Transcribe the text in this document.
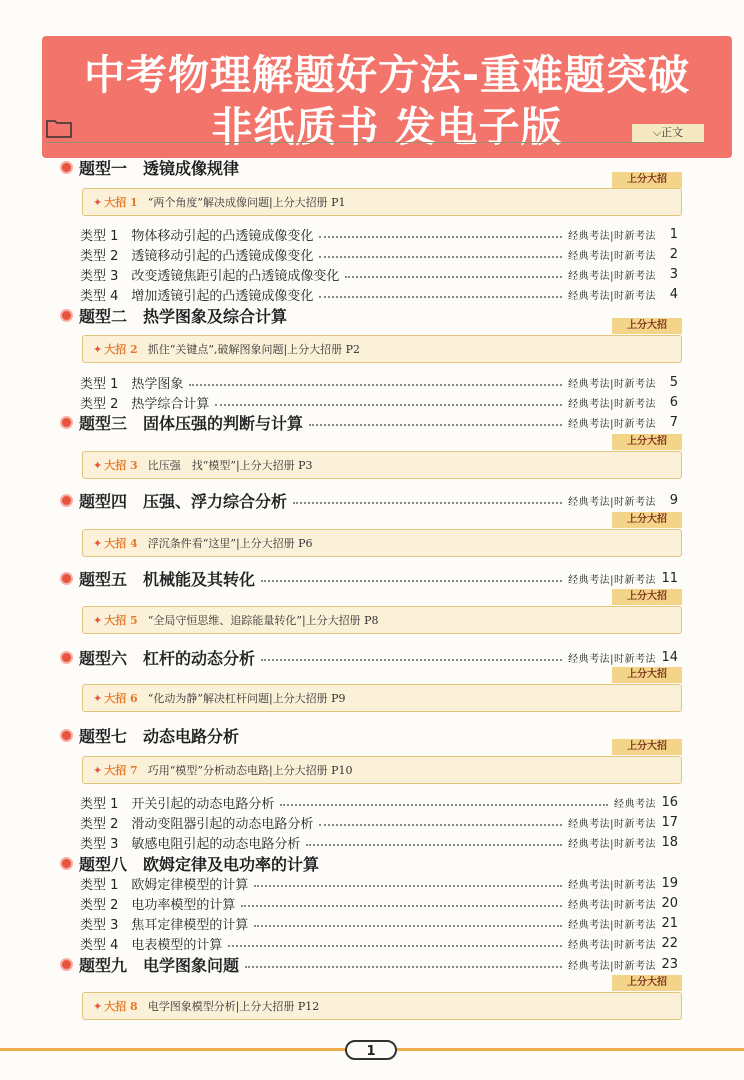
中考物理解题好方法-重难题突破
非纸质书 发电子版	⌵正文
题型一　透镜成像规律
上分大招
✦ 大招 1 “两个角度”解决成像问题|上分大招册 P1
类型 1　物体移动引起的凸透镜成像变化	经典考法|时新考法	1
类型 2　透镜移动引起的凸透镜成像变化	经典考法|时新考法	2
类型 3　改变透镜焦距引起的凸透镜成像变化	经典考法|时新考法	3
类型 4　增加透镜引起的凸透镜成像变化	经典考法|时新考法	4
题型二　热学图象及综合计算	上分大招
✦ 大招 2 抓住“关键点”,破解图象问题|上分大招册 P2
类型 1　热学图象	经典考法|时新考法	5
类型 2　热学综合计算	经典考法|时新考法	6
题型三　固体压强的判断与计算	经典考法|时新考法	7
上分大招
✦ 大招 3 比压强　找“模型”|上分大招册 P3
题型四　压强、浮力综合分析	经典考法|时新考法	9
上分大招
✦ 大招 4 浮沉条件看“这里”|上分大招册 P6
题型五　机械能及其转化	经典考法|时新考法 11
上分大招
✦ 大招 5 “全局守恒思维、追踪能量转化”|上分大招册 P8
题型六　杠杆的动态分析	经典考法|时新考法 14
上分大招
✦ 大招 6 “化动为静”解决杠杆问题|上分大招册 P9
题型七　动态电路分析
上分大招
✦ 大招 7 巧用“模型”分析动态电路|上分大招册 P10
类型 1　开关引起的动态电路分析	经典考法 16
类型 2　滑动变阻器引起的动态电路分析	经典考法|时新考法 17
类型 3　敏感电阻引起的动态电路分析	经典考法|时新考法 18
题型八　欧姆定律及电功率的计算
类型 1　欧姆定律模型的计算	经典考法|时新考法 19
类型 2　电功率模型的计算	经典考法|时新考法 20
类型 3　焦耳定律模型的计算	经典考法|时新考法 21
类型 4　电表模型的计算	经典考法|时新考法 22
题型九　电学图象问题	经典考法|时新考法 23
上分大招
✦ 大招 8 电学图象模型分析|上分大招册 P12
1
